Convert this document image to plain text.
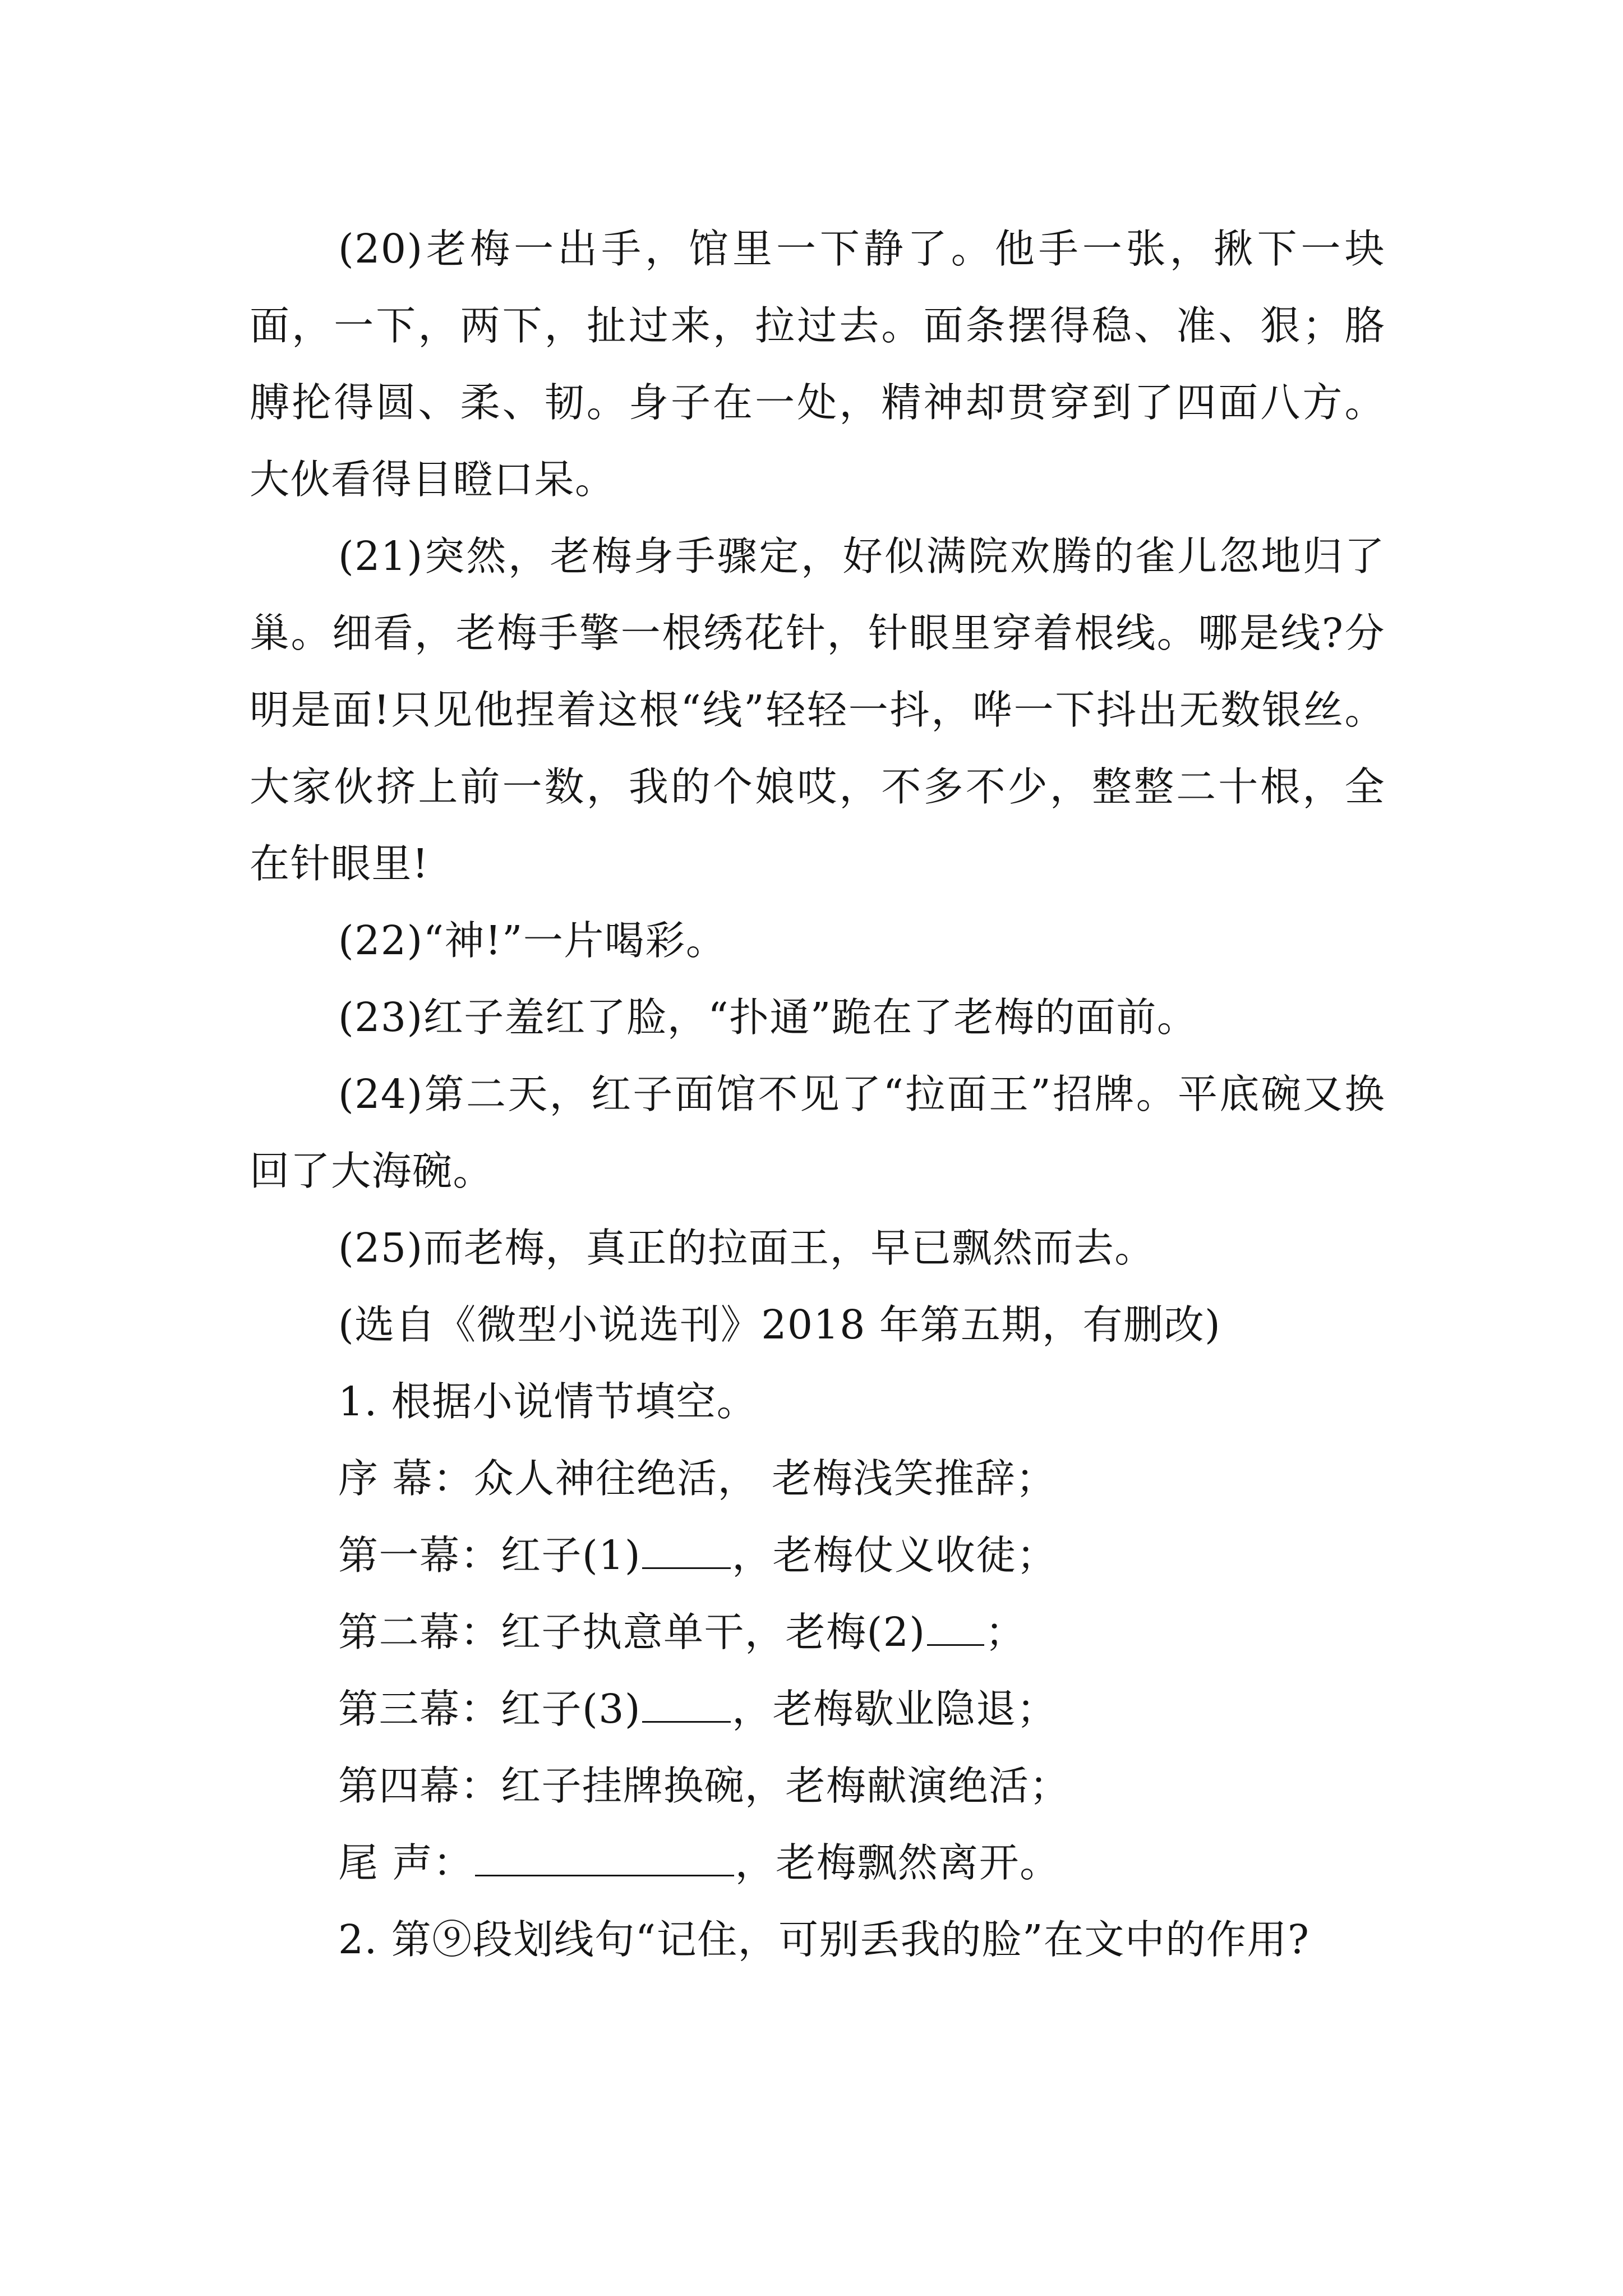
(20)老梅一出手，馆里一下静了。他手一张，揪下一块面，一下，两下，扯过来，拉过去。面条摆得稳、准、狠；胳膊抡得圆、柔、韧。身子在一处，精神却贯穿到了四面八方。大伙看得目瞪口呆。

(21)突然，老梅身手骤定，好似满院欢腾的雀儿忽地归了巢。细看，老梅手擎一根绣花针，针眼里穿着根线。哪是线?分明是面!只见他捏着这根“线”轻轻一抖，哗一下抖出无数银丝。大家伙挤上前一数，我的个娘哎，不多不少，整整二十根，全在针眼里!

(22)“神!”一片喝彩。

(23)红子羞红了脸，“扑通”跪在了老梅的面前。

(24)第二天，红子面馆不见了“拉面王”招牌。平底碗又换回了大海碗。

(25)而老梅，真正的拉面王，早已飘然而去。

(选自《微型小说选刊》2018 年第五期，有删改)

1. 根据小说情节填空。

序 幕：众人神往绝活， 老梅浅笑推辞；

第一幕：红子(1) ，老梅仗义收徒；

第二幕：红子执意单干，老梅(2) ；

第三幕：红子(3) ，老梅歇业隐退；

第四幕：红子挂牌换碗，老梅献演绝活；

尾 声：	，老梅飘然离开。

2. 第⑨段划线句“记住，可别丢我的脸”在文中的作用?
